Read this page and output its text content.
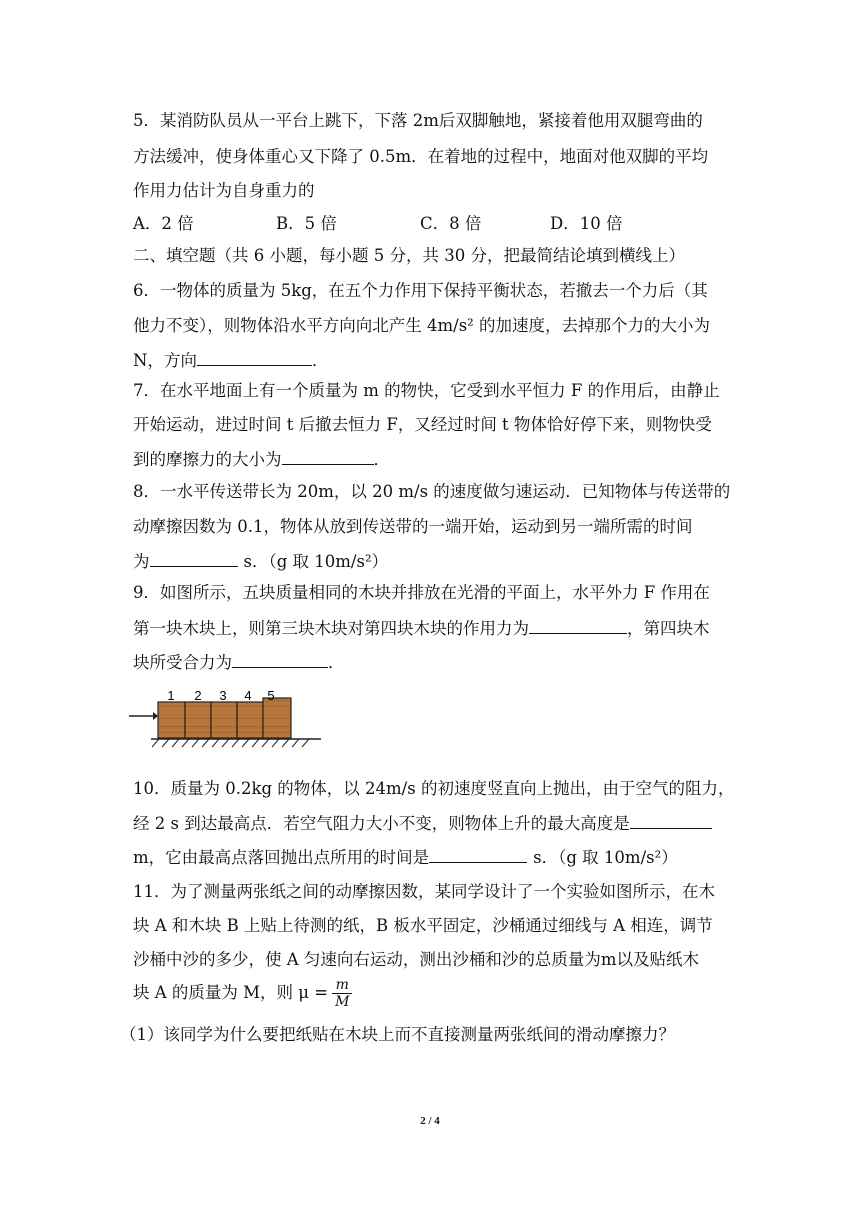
5．某消防队员从一平台上跳下，下落 2m后双脚触地，紧接着他用双腿弯曲的
方法缓冲，使身体重心又下降了 0.5m．在着地的过程中，地面对他双脚的平均
作用力估计为自身重力的
A．2 倍	B．5 倍	C．8 倍	D．10 倍
二、填空题（共 6 小题，每小题 5 分，共 30 分，把最简结论填到横线上）
6．一物体的质量为 5kg，在五个力作用下保持平衡状态，若撤去一个力后（其
他力不变），则物体沿水平方向向北产生 4m/s² 的加速度，去掉那个力的大小为
N，方向	．
7．在水平地面上有一个质量为 m 的物快，它受到水平恒力 F 的作用后，由静止
开始运动，进过时间 t 后撤去恒力 F，又经过时间 t 物体恰好停下来，则物快受
到的摩擦力的大小为	．
8．一水平传送带长为 20m，以 20 m/s 的速度做匀速运动．已知物体与传送带的
动摩擦因数为 0.1，物体从放到传送带的一端开始，运动到另一端所需的时间
为	s．（g 取 10m/s²）
9．如图所示，五块质量相同的木块并排放在光滑的平面上，水平外力 F 作用在
第一块木块上，则第三块木块对第四块木块的作用力为	，第四块木
块所受合力为	．
1 2 3 4 5
10．质量为 0.2kg 的物体，以 24m/s 的初速度竖直向上抛出，由于空气的阻力，
经 2 s 到达最高点．若空气阻力大小不变，则物体上升的最大高度是
m，它由最高点落回抛出点所用的时间是	s．（g 取 10m/s²）
11．为了测量两张纸之间的动摩擦因数，某同学设计了一个实验如图所示，在木
块 A 和木块 B 上贴上待测的纸，B 板水平固定，沙桶通过细线与 A 相连，调节
沙桶中沙的多少，使 A 匀速向右运动，测出沙桶和沙的总质量为m以及贴纸木
块 A 的质量为 M，则 $\mu = \frac{m}{M}$
（1）该同学为什么要把纸贴在木块上而不直接测量两张纸间的滑动摩擦力？
2 / 4
